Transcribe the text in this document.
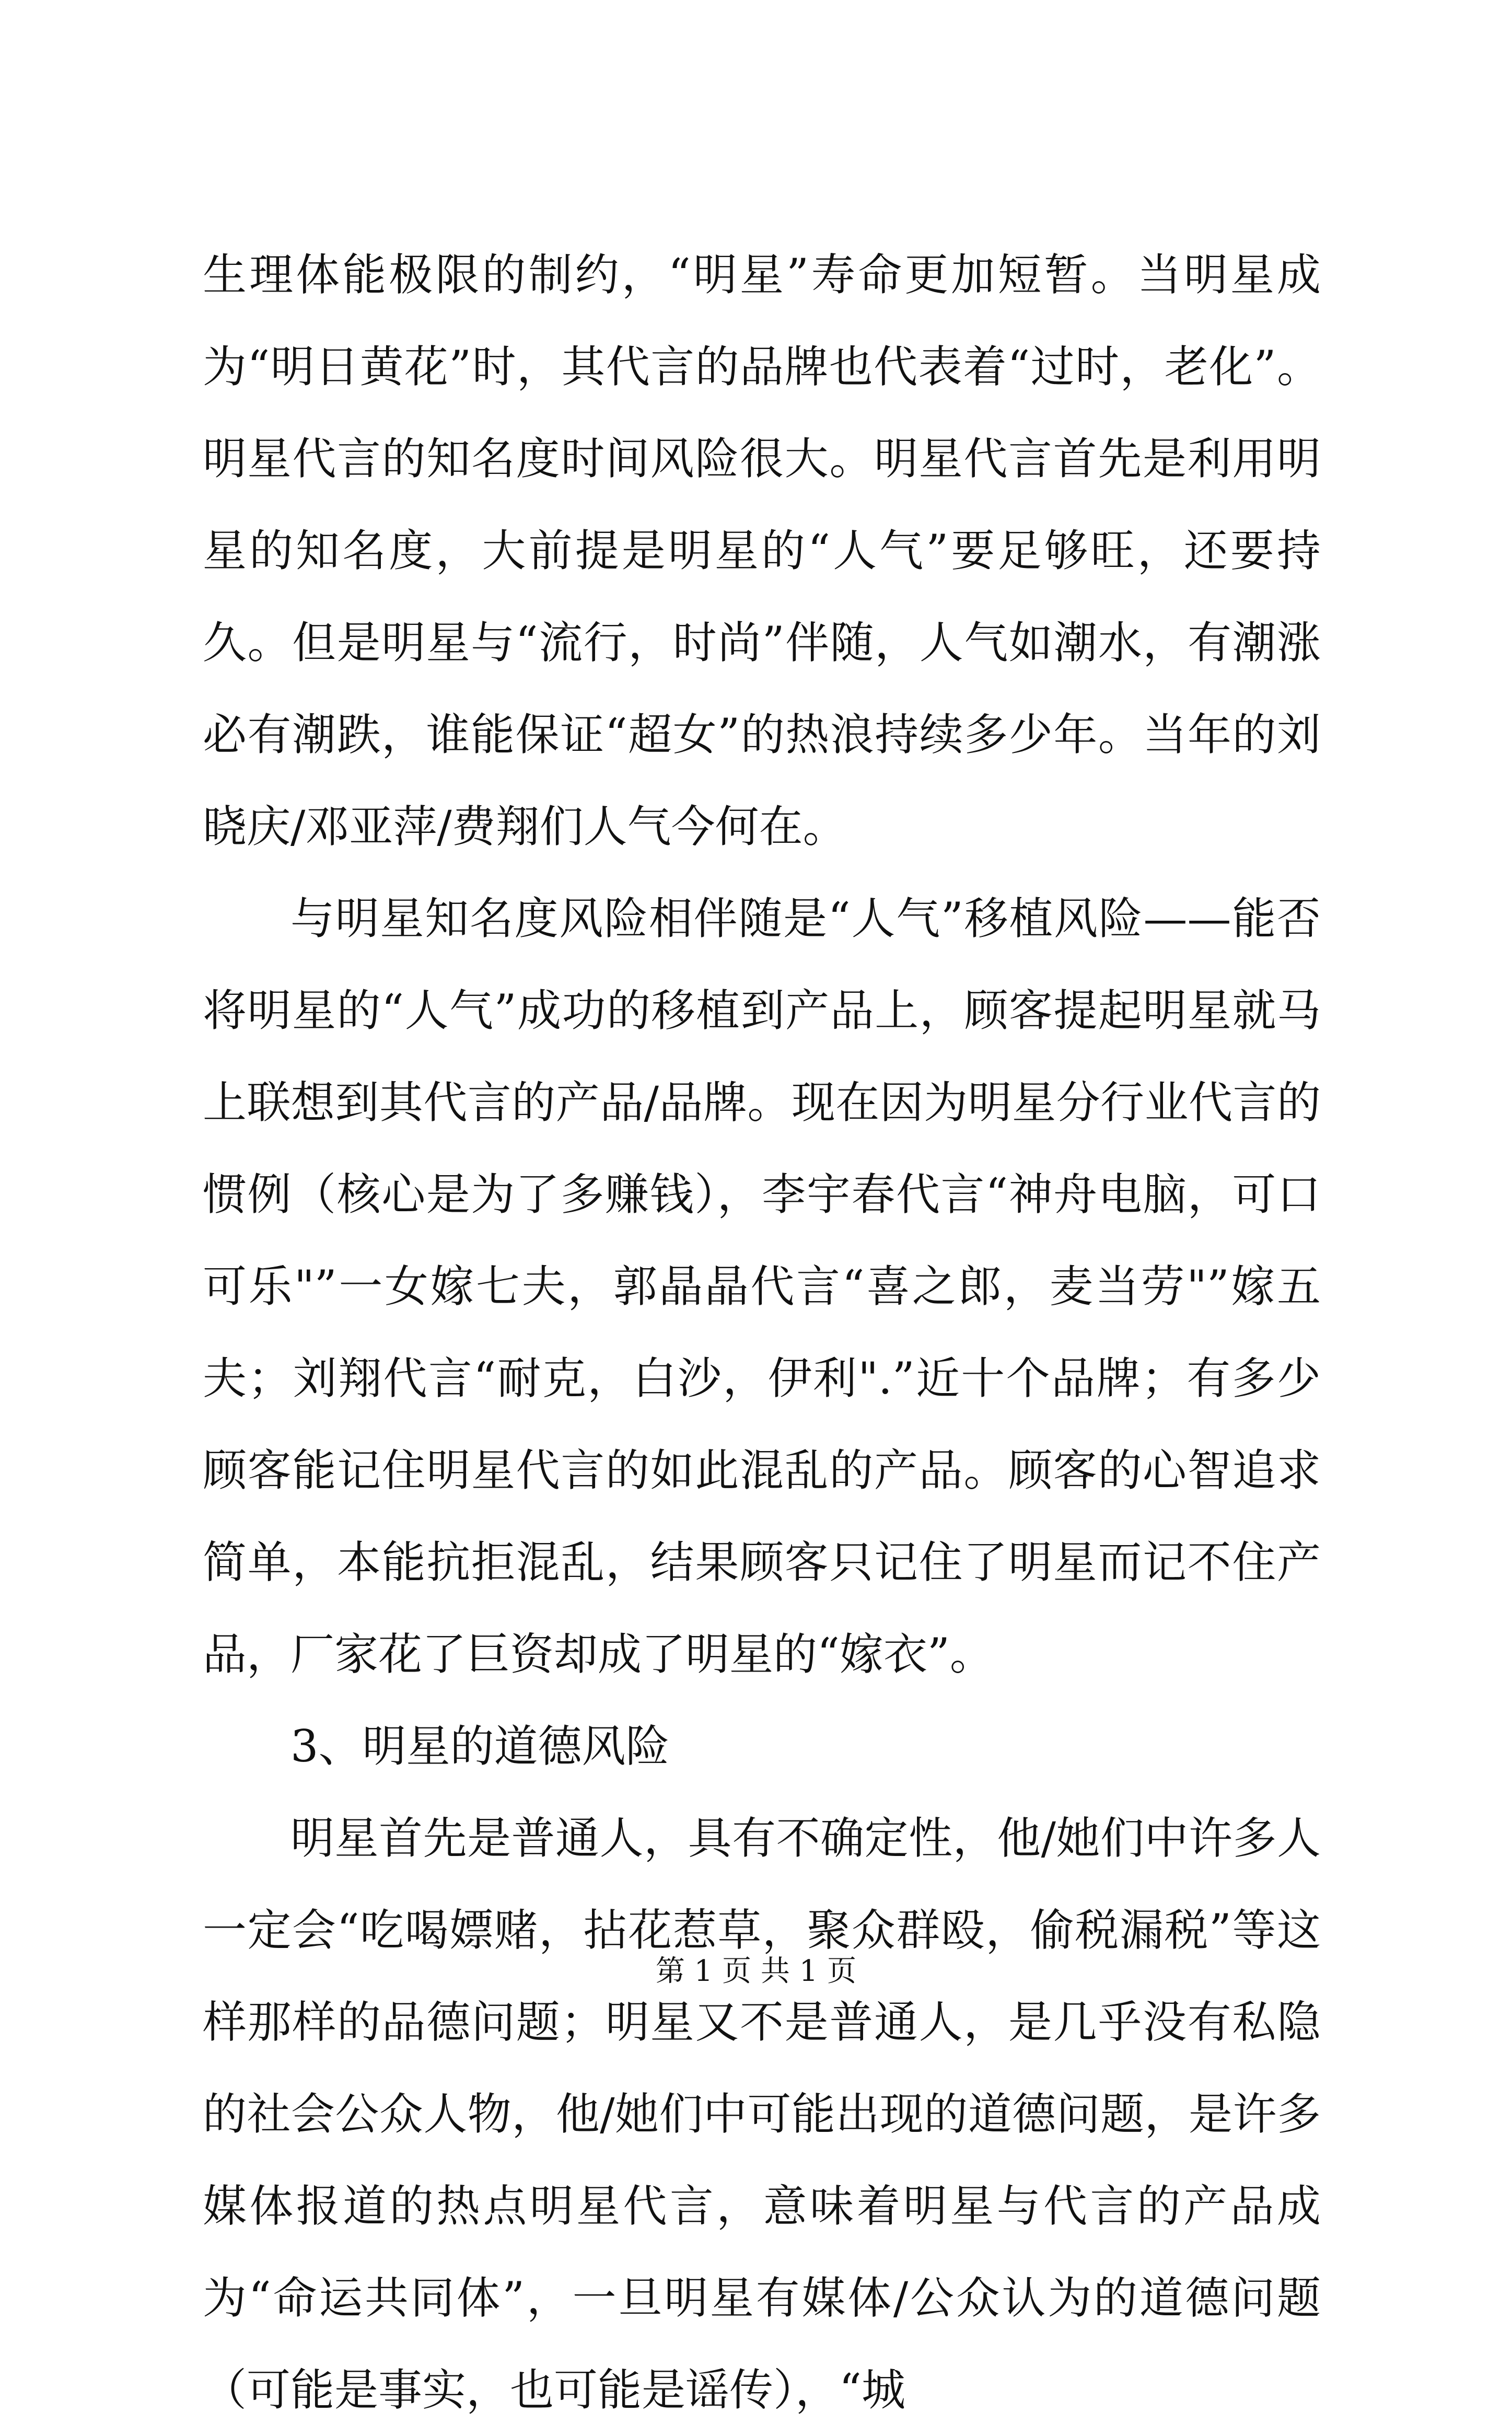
生理体能极限的制约，“明星”寿命更加短暂。当明星成为“明日黄花”时，其代言的品牌也代表着“过时，老化”。明星代言的知名度时间风险很大。明星代言首先是利用明星的知名度，大前提是明星的“人气”要足够旺，还要持久。但是明星与“流行，时尚”伴随，人气如潮水，有潮涨必有潮跌，谁能保证“超女”的热浪持续多少年。当年的刘晓庆/邓亚萍/费翔们人气今何在。

与明星知名度风险相伴随是“人气”移植风险——能否将明星的“人气”成功的移植到产品上，顾客提起明星就马上联想到其代言的产品/品牌。现在因为明星分行业代言的惯例（核心是为了多赚钱），李宇春代言“神舟电脑，可口可乐"”一女嫁七夫，郭晶晶代言“喜之郎，麦当劳"”嫁五夫；刘翔代言“耐克，白沙，伊利".”近十个品牌；有多少顾客能记住明星代言的如此混乱的产品。顾客的心智追求简单，本能抗拒混乱，结果顾客只记住了明星而记不住产品，厂家花了巨资却成了明星的“嫁衣”。

3、明星的道德风险

明星首先是普通人，具有不确定性，他/她们中许多人一定会“吃喝嫖赌，拈花惹草，聚众群殴，偷税漏税”等这样那样的品德问题；明星又不是普通人，是几乎没有私隐的社会公众人物，他/她们中可能出现的道德问题，是许多媒体报道的热点明星代言，意味着明星与代言的产品成为“命运共同体”，一旦明星有媒体/公众认为的道德问题（可能是事实，也可能是谣传），“城

第 1 页 共 1 页
